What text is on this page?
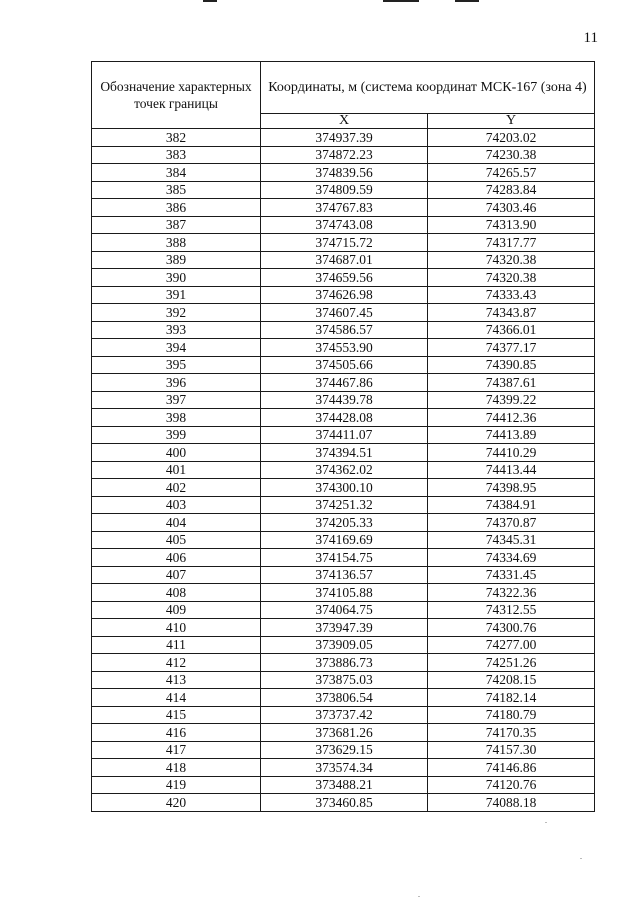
11
Обозначение характерных точек границы	Координаты, м (система координат МСК-167 (зона 4)	
	X	Y
382	374937.39	74203.02
383	374872.23	74230.38
384	374839.56	74265.57
385	374809.59	74283.84
386	374767.83	74303.46
387	374743.08	74313.90
388	374715.72	74317.77
389	374687.01	74320.38
390	374659.56	74320.38
391	374626.98	74333.43
392	374607.45	74343.87
393	374586.57	74366.01
394	374553.90	74377.17
395	374505.66	74390.85
396	374467.86	74387.61
397	374439.78	74399.22
398	374428.08	74412.36
399	374411.07	74413.89
400	374394.51	74410.29
401	374362.02	74413.44
402	374300.10	74398.95
403	374251.32	74384.91
404	374205.33	74370.87
405	374169.69	74345.31
406	374154.75	74334.69
407	374136.57	74331.45
408	374105.88	74322.36
409	374064.75	74312.55
410	373947.39	74300.76
411	373909.05	74277.00
412	373886.73	74251.26
413	373875.03	74208.15
414	373806.54	74182.14
415	373737.42	74180.79
416	373681.26	74170.35
417	373629.15	74157.30
418	373574.34	74146.86
419	373488.21	74120.76
420	373460.85	74088.18
